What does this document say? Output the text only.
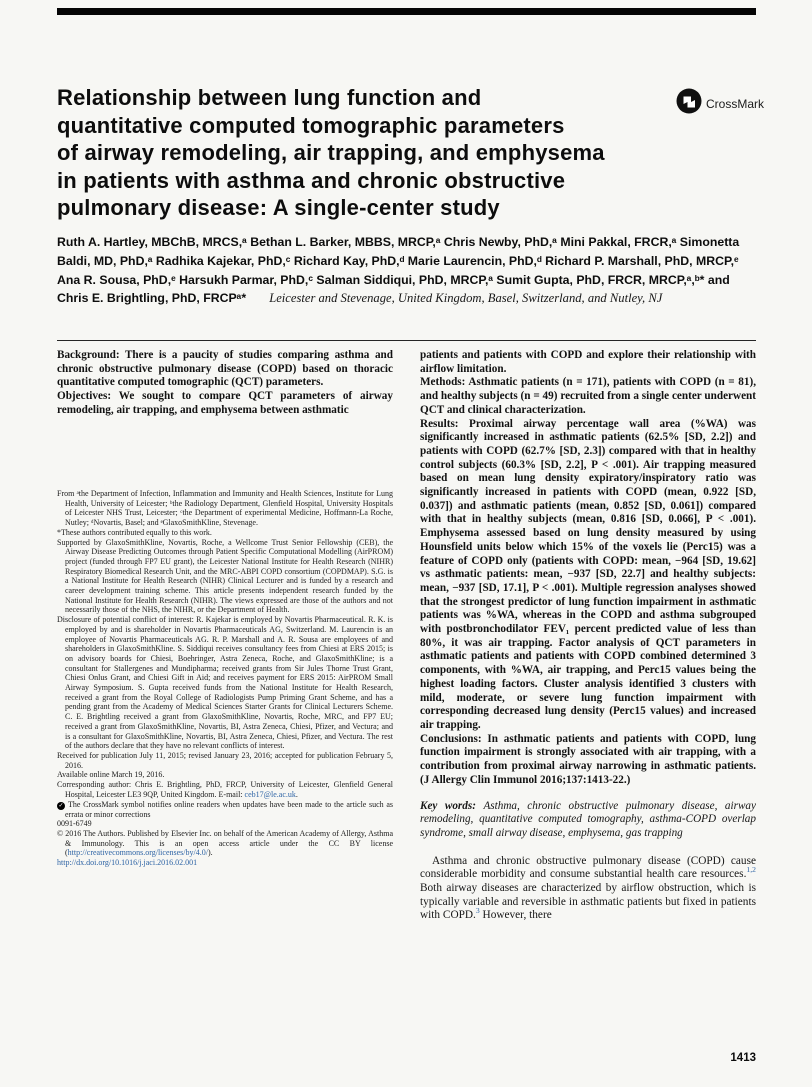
Relationship between lung function and

quantitative computed tomographic parameters

of airway remodeling, air trapping, and emphysema

in patients with asthma and chronic obstructive

pulmonary disease: A single-center study

CrossMark
Ruth A. Hartley, MBChB, MRCS,ᵃ Bethan L. Barker, MBBS, MRCP,ᵃ Chris Newby, PhD,ᵃ Mini Pakkal, FRCR,ᵃ Simonetta Baldi, MD, PhD,ᵃ Radhika Kajekar, PhD,ᶜ Richard Kay, PhD,ᵈ Marie Laurencin, PhD,ᵈ Richard P. Marshall, PhD, MRCP,ᵉ Ana R. Sousa, PhD,ᵉ Harsukh Parmar, PhD,ᶜ Salman Siddiqui, PhD, MRCP,ᵃ Sumit Gupta, PhD, FRCR, MRCP,ᵃ,ᵇ* and Chris E. Brightling, PhD, FRCPᵃ* Leicester and Stevenage, United Kingdom, Basel, Switzerland, and Nutley, NJ

Background: There is a paucity of studies comparing asthma and chronic obstructive pulmonary disease (COPD) based on thoracic quantitative computed tomographic (QCT) parameters.

Objectives: We sought to compare QCT parameters of airway remodeling, air trapping, and emphysema between asthmatic

From ᵃthe Department of Infection, Inflammation and Immunity and Health Sciences, Institute for Lung Health, University of Leicester; ᵇthe Radiology Department, Glenfield Hospital, University Hospitals of Leicester NHS Trust, Leicester; ᶜthe Department of experimental Medicine, Hoffmann-La Roche, Nutley; ᵈNovartis, Basel; and ᵉGlaxoSmithKline, Stevenage.

*These authors contributed equally to this work.

Supported by GlaxoSmithKline, Novartis, Roche, a Wellcome Trust Senior Fellowship (CEB), the Airway Disease Predicting Outcomes through Patient Specific Computational Modelling (AirPROM) project (funded through FP7 EU grant), the Leicester National Institute for Health Research (NIHR) Respiratory Biomedical Research Unit, and the MRC-ABPI COPD consortium (COPDMAP). S.G. is a National Institute for Health Research (NIHR) Clinical Lecturer and is funded by a research and career development training scheme. This article presents independent research funded by the National Institute for Health Research (NIHR). The views expressed are those of the authors and not necessarily those of the NHS, the NIHR, or the Department of Health.

Disclosure of potential conflict of interest: R. Kajekar is employed by Novartis Pharmaceutical. R. K. is employed by and is shareholder in Novartis Pharmaceuticals AG, Switzerland. M. Laurencin is an employee of Novartis Pharmaceuticals AG. R. P. Marshall and A. R. Sousa are employees of and shareholders in GlaxoSmithKline. S. Siddiqui receives consultancy fees from Chiesi at ERS 2015; is on advisory boards for Chiesi, Boehringer, Astra Zeneca, Roche, and GlaxoSmithKline; is a consultant for Stallergenes and Mundipharma; received grants from Sir Jules Thorne Trust Grant, Chiesi Onlus Grant, and Chiesi Gift in Aid; and receives payment for ERS 2015: AirPROM Small Airway Symposium. S. Gupta received funds from the National Institute for Health Research, received a grant from the Royal College of Radiologists Pump Priming Grant Scheme, and has a pending grant from the Academy of Medical Sciences Starter Grants for Clinical Lecturers Scheme. C. E. Brightling received a grant from GlaxoSmithKline, Novartis, Roche, MRC, and FP7 EU; received a grant from GlaxoSmithKline, Novartis, BI, Astra Zeneca, Chiesi, Pfizer, and Vectura; and is a consultant for GlaxoSmithKline, Novartis, BI, Astra Zeneca, Chiesi, Pfizer, and Vectura. The rest of the authors declare that they have no relevant conflicts of interest.

Received for publication July 11, 2015; revised January 23, 2016; accepted for publication February 5, 2016.

Available online March 19, 2016.

Corresponding author: Chris E. Brightling, PhD, FRCP, University of Leicester, Glenfield General Hospital, Leicester LE3 9QP, United Kingdom. E-mail: ceb17@le.ac.uk.

✓ The CrossMark symbol notifies online readers when updates have been made to the article such as errata or minor corrections

0091-6749

© 2016 The Authors. Published by Elsevier Inc. on behalf of the American Academy of Allergy, Asthma & Immunology. This is an open access article under the CC BY license (http://creativecommons.org/licenses/by/4.0/).

http://dx.doi.org/10.1016/j.jaci.2016.02.001

patients and patients with COPD and explore their relationship with airflow limitation.

Methods: Asthmatic patients (n = 171), patients with COPD (n = 81), and healthy subjects (n = 49) recruited from a single center underwent QCT and clinical characterization.

Results: Proximal airway percentage wall area (%WA) was significantly increased in asthmatic patients (62.5% [SD, 2.2]) and patients with COPD (62.7% [SD, 2.3]) compared with that in healthy control subjects (60.3% [SD, 2.2], P < .001). Air trapping measured based on mean lung density expiratory/inspiratory ratio was significantly increased in patients with COPD (mean, 0.922 [SD, 0.037]) and asthmatic patients (mean, 0.852 [SD, 0.061]) compared with that in healthy subjects (mean, 0.816 [SD, 0.066], P < .001). Emphysema assessed based on lung density measured by using Hounsfield units below which 15% of the voxels lie (Perc15) was a feature of COPD only (patients with COPD: mean, −964 [SD, 19.62] vs asthmatic patients: mean, −937 [SD, 22.7] and healthy subjects: mean, −937 [SD, 17.1], P < .001). Multiple regression analyses showed that the strongest predictor of lung function impairment in asthmatic patients was %WA, whereas in the COPD and asthma subgrouped with postbronchodilator FEV₁ percent predicted value of less than 80%, it was air trapping. Factor analysis of QCT parameters in asthmatic patients and patients with COPD combined determined 3 components, with %WA, air trapping, and Perc15 values being the highest loading factors. Cluster analysis identified 3 clusters with mild, moderate, or severe lung function impairment with corresponding decreased lung density (Perc15 values) and increased air trapping.

Conclusions: In asthmatic patients and patients with COPD, lung function impairment is strongly associated with air trapping, with a contribution from proximal airway narrowing in asthmatic patients. (J Allergy Clin Immunol 2016;137:1413-22.)

Key words: Asthma, chronic obstructive pulmonary disease, airway remodeling, quantitative computed tomography, asthma-COPD overlap syndrome, small airway disease, emphysema, gas trapping
Asthma and chronic obstructive pulmonary disease (COPD) cause considerable morbidity and consume substantial health care resources.$^{1,2}$ Both airway diseases are characterized by airflow obstruction, which is typically variable and reversible in asthmatic patients but fixed in patients with COPD.$^3$ However, there
1413
